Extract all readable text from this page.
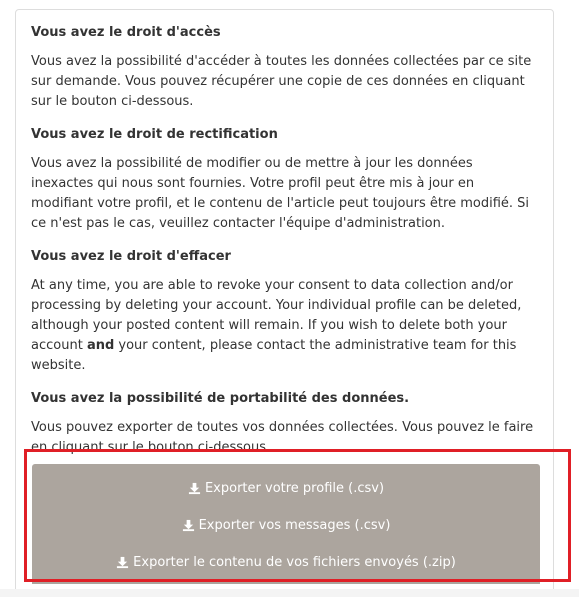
Vous avez le droit d'accès

Vous avez la possibilité d'accéder à toutes les données collectées par ce site sur demande. Vous pouvez récupérer une copie de ces données en cliquant sur le bouton ci-dessous.

Vous avez le droit de rectification

Vous avez la possibilité de modifier ou de mettre à jour les données inexactes qui nous sont fournies. Votre profil peut être mis à jour en modifiant votre profil, et le contenu de l'article peut toujours être modifié. Si ce n'est pas le cas, veuillez contacter l'équipe d'administration.

Vous avez le droit d'effacer

At any time, you are able to revoke your consent to data collection and/or processing by deleting your account. Your individual profile can be deleted, although your posted content will remain. If you wish to delete both your account and your content, please contact the administrative team for this website.

Vous avez la possibilité de portabilité des données.

Vous pouvez exporter de toutes vos données collectées. Vous pouvez le faire en cliquant sur le bouton ci-dessous.

Exporter votre profile (.csv)
Exporter vos messages (.csv)
Exporter le contenu de vos fichiers envoyés (.zip)
